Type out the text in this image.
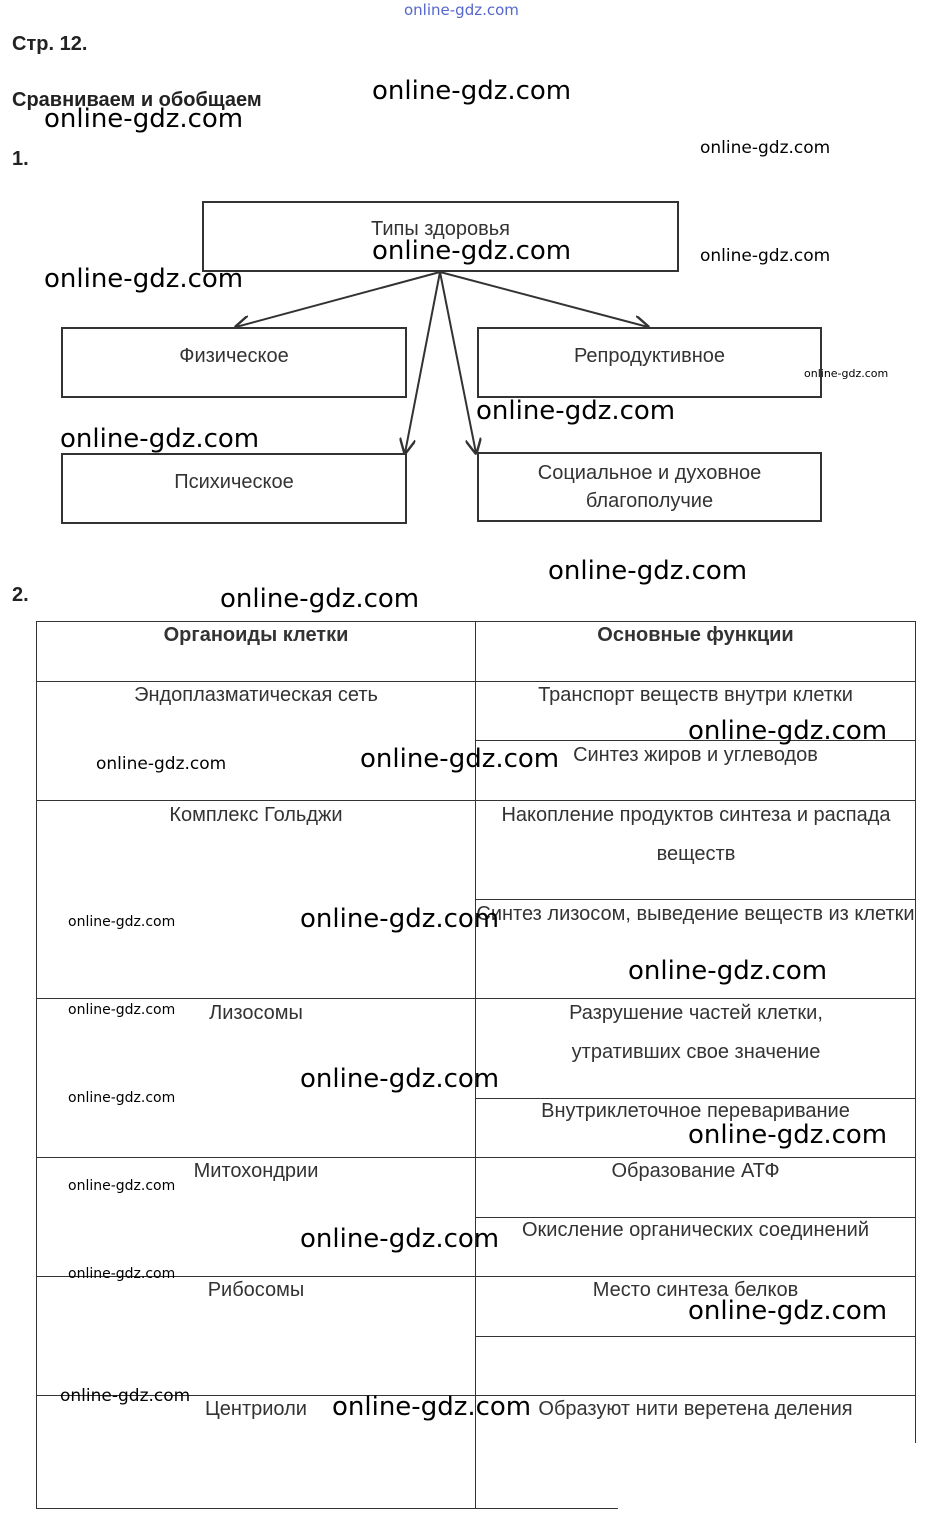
online-gdz.com
Стр. 12.
Сравниваем и обобщаем
1.
2.
Типы здоровья
Физическое	Репродуктивное
Психическое	Социальное и духовное благополучие
Органоиды клетки	Основные функции
Эндоплазматическая сеть	Транспорт веществ внутри клетки
Синтез жиров и углеводов
Комплекс Гольджи	Накопление продуктов синтеза и распада веществ
Синтез лизосом, выведение веществ из клетки
Лизосомы	Разрушение частей клетки, утративших свое значение
Внутриклеточное переваривание
Митохондрии	Образование АТФ
Окисление органических соединений
Рибосомы	Место синтеза белков
Центриоли	Образуют нити веретена деления
online-gdz.com
online-gdz.com
online-gdz.com
online-gdz.com	online-gdz.com
online-gdz.com
online-gdz.com
online-gdz.com
online-gdz.com
online-gdz.com
online-gdz.com
online-gdz.com
online-gdz.com
online-gdz.com
online-gdz.com
online-gdz.com
online-gdz.com
online-gdz.com
online-gdz.com
online-gdz.com
online-gdz.com
online-gdz.com
online-gdz.com
online-gdz.com
online-gdz.com
online-gdz.com	online-gdz.com
